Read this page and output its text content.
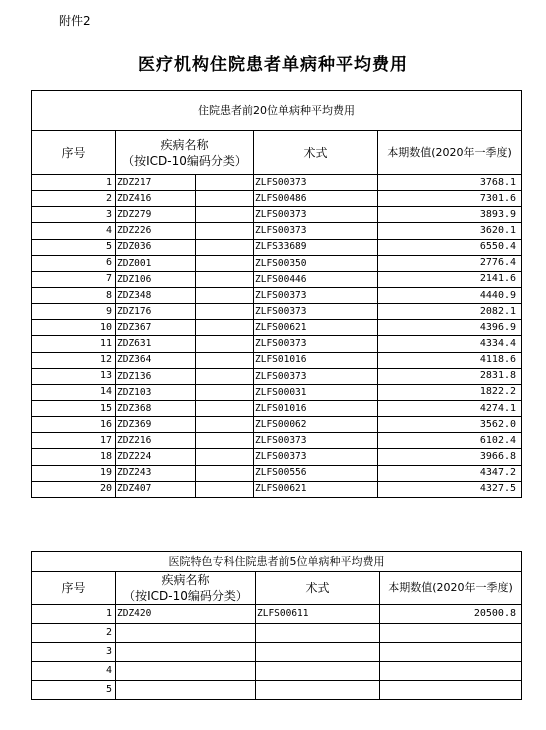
附件2
医疗机构住院患者单病种平均费用
住院患者前20位单病种平均费用				
序号	疾病名称
（按ICD-10编码分类）		术式	本期数值(2020年一季度)
1	ZDZ217		ZLFS00373	3768.1
2	ZDZ416		ZLFS00486	7301.6
3	ZDZ279		ZLFS00373	3893.9
4	ZDZ226		ZLFS00373	3620.1
5	ZDZ036		ZLFS33689	6550.4
6	ZDZ001		ZLFS00350	2776.4
7	ZDZ106		ZLFS00446	2141.6
8	ZDZ348		ZLFS00373	4440.9
9	ZDZ176		ZLFS00373	2082.1
10	ZDZ367		ZLFS00621	4396.9
11	ZDZ631		ZLFS00373	4334.4
12	ZDZ364		ZLFS01016	4118.6
13	ZDZ136		ZLFS00373	2831.8
14	ZDZ103		ZLFS00031	1822.2
15	ZDZ368		ZLFS01016	4274.1
16	ZDZ369		ZLFS00062	3562.0
17	ZDZ216		ZLFS00373	6102.4
18	ZDZ224		ZLFS00373	3966.8
19	ZDZ243		ZLFS00556	4347.2
20	ZDZ407		ZLFS00621	4327.5
医院特色专科住院患者前5位单病种平均费用			
序号	疾病名称
（按ICD-10编码分类）	术式	本期数值(2020年一季度)
1	ZDZ420	ZLFS00611	20500.8
2			
3			
4			
5			
